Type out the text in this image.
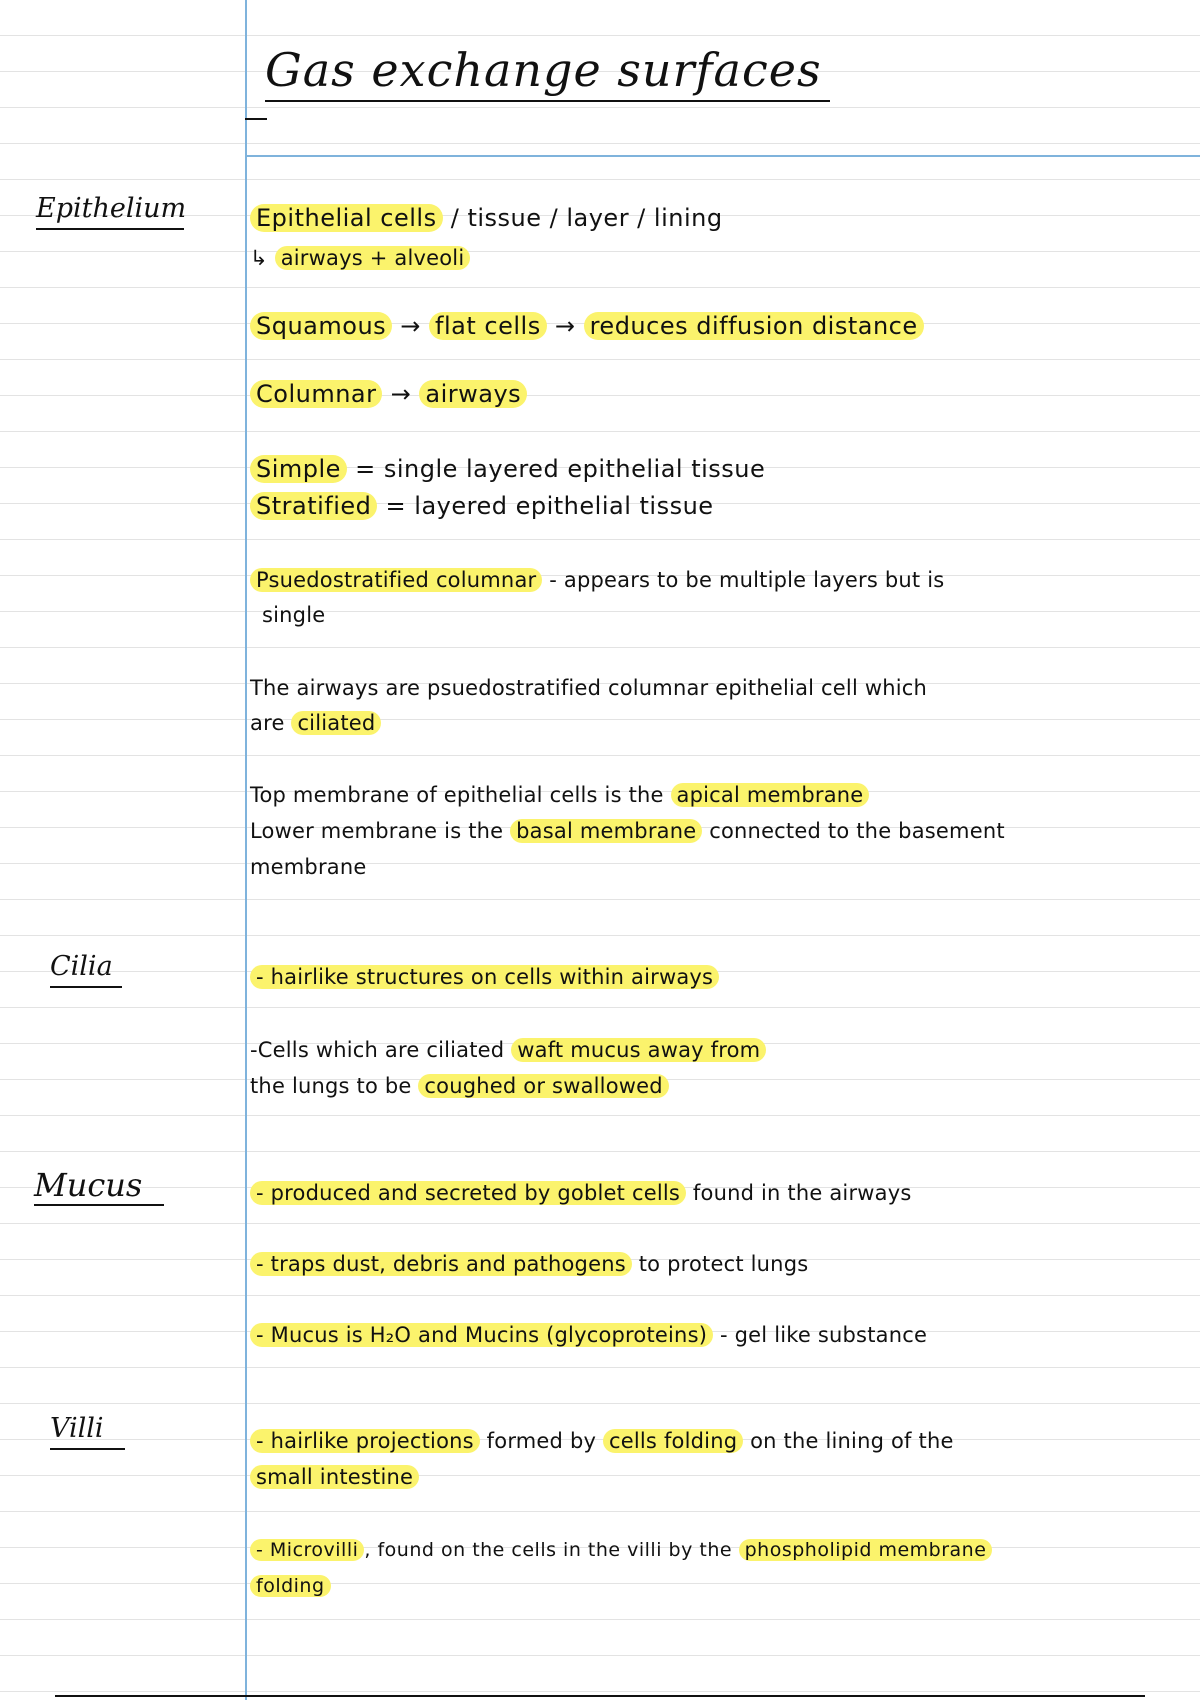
Gas exchange surfaces
Epithelium
Cilia
Mucus
Villi
Epithelial cells / tissue / layer / lining
↳ airways + alveoli
Squamous → flat cells → reduces diffusion distance
Columnar → airways
Simple = single layered epithelial tissue
Stratified = layered epithelial tissue
Psuedostratified columnar - appears to be multiple layers but is
single
The airways are psuedostratified columnar epithelial cell which
are ciliated
Top membrane of epithelial cells is the apical membrane
Lower membrane is the basal membrane connected to the basement
membrane
- hairlike structures on cells within airways
-Cells which are ciliated waft mucus away from
the lungs to be coughed or swallowed
- produced and secreted by goblet cells found in the airways
- traps dust, debris and pathogens to protect lungs
- Mucus is H₂O and Mucins (glycoproteins) - gel like substance
- hairlike projections formed by cells folding on the lining of the
small intestine
- Microvilli , found on the cells in the villi by the phospholipid membrane
folding
